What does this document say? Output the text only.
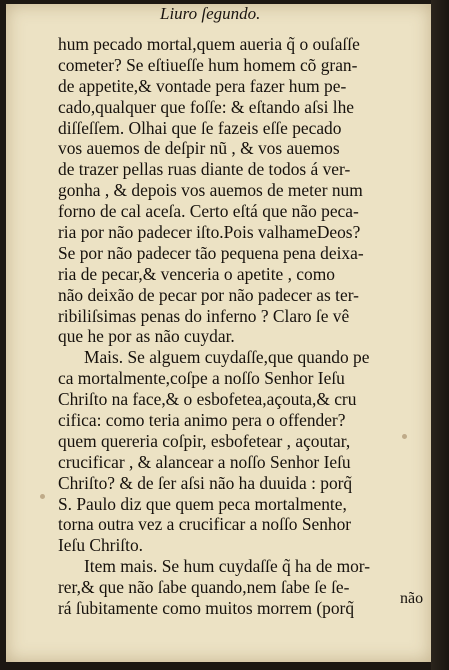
Liuro ſegundo.
hum pecado mortal,quem aueria q̃ o ouſaſſe
cometer? Se eſtiueſſe hum homem cõ gran-
de appetite,& vontade pera fazer hum pe-
cado,qualquer que foſſe: & eſtando aſsi lhe
diſſeſſem. Olhai que ſe fazeis eſſe pecado
vos auemos de deſpir nũ , & vos auemos
de trazer pellas ruas diante de todos á ver-
gonha , & depois vos auemos de meter num
forno de cal aceſa. Certo eſtá que não peca-
ria por não padecer iſto.Pois valhameDeos?
Se por não padecer tão pequena pena deixa-
ria de pecar,& venceria o apetite , como
não deixão de pecar por não padecer as ter-
ribiliſsimas penas do inferno ? Claro ſe vê
que he por as não cuydar.
Mais. Se alguem cuydaſſe,que quando pe
ca mortalmente,coſpe a noſſo Senhor Ieſu
Chriſto na face,& o esbofetea,açouta,& cru
cifica: como teria animo pera o offender?
quem quereria coſpir, esbofetear , açoutar,
crucificar , & alancear a noſſo Senhor Ieſu
Chriſto? & de ſer aſsi não ha duuida : porq̃
S. Paulo diz que quem peca mortalmente,
torna outra vez a crucificar a noſſo Senhor
Ieſu Chriſto.
Item mais. Se hum cuydaſſe q̃ ha de mor-
rer,& que não ſabe quando,nem ſabe ſe ſe-
rá ſubitamente como muitos morrem (porq̃	não
